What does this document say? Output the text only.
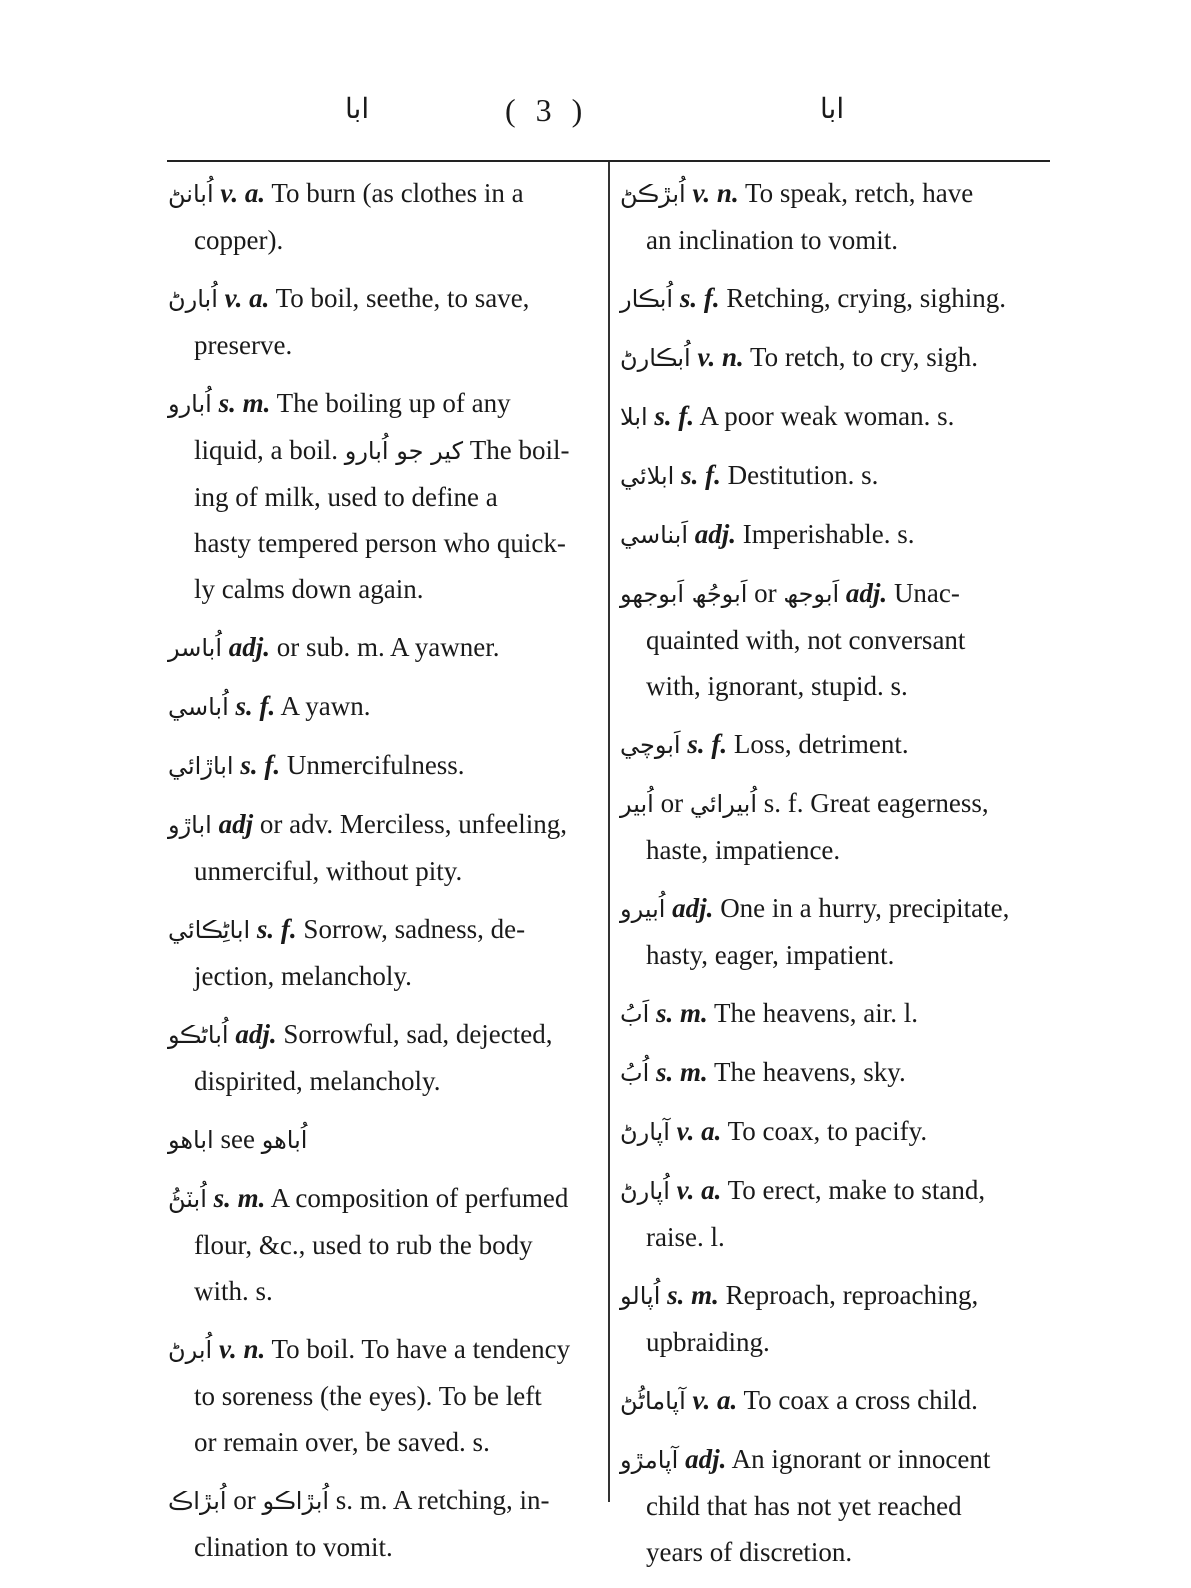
ابا	( 3 )	ابا
اُبانڻ v. a. To burn (as clothes in a
copper).
اُبارڻ v. a. To boil, seethe, to save,
preserve.
اُبارو s. m. The boiling up of any
liquid, a boil. کير جو اُبارو The boil-
ing of milk, used to define a
hasty tempered person who quick-
ly calms down again.
اُباسر adj. or sub. m. A yawner.
اُباسي s. f. A yawn.
اباڙائي s. f. Unmercifulness.
اباڙو adj or adv. Merciless, unfeeling,
unmerciful, without pity.
اباڻِڪائي s. f. Sorrow, sadness, de-
jection, melancholy.
اُباڻڪو adj. Sorrowful, sad, dejected,
dispirited, melancholy.
اباھو see اُباھو
اُبٽڻُ s. m. A composition of perfumed
flour, &c., used to rub the body
with. s.
اُبرڻ v. n. To boil. To have a tendency
to soreness (the eyes). To be left
or remain over, be saved. s.
اُبڙاڪ or اُبڙاڪو s. m. A retching, in-
clination to vomit.
اُبڙڪڻ v. n. To speak, retch, have
an inclination to vomit.
اُبڪار s. f. Retching, crying, sighing.
اُبڪارڻ v. n. To retch, to cry, sigh.
ابلا s. f. A poor weak woman. s.
ابلائي s. f. Destitution. s.
اَبناسي adj. Imperishable. s.
اَبوجُھ اَبوجھو or اَبوجھ adj. Unac-
quainted with, not conversant
with, ignorant, stupid. s.
اَبوچي s. f. Loss, detriment.
اُبير or اُبيرائي s. f. Great eagerness,
haste, impatience.
اُبيرو adj. One in a hurry, precipitate,
hasty, eager, impatient.
اَبُ s. m. The heavens, air. l.
اُبُ s. m. The heavens, sky.
آپارڻ v. a. To coax, to pacify.
اُپارڻ v. a. To erect, make to stand,
raise. l.
اُپالو s. m. Reproach, reproaching,
upbraiding.
آپاماڻُڻ v. a. To coax a cross child.
آپامڙو adj. An ignorant or innocent
child that has not yet reached
years of discretion.
